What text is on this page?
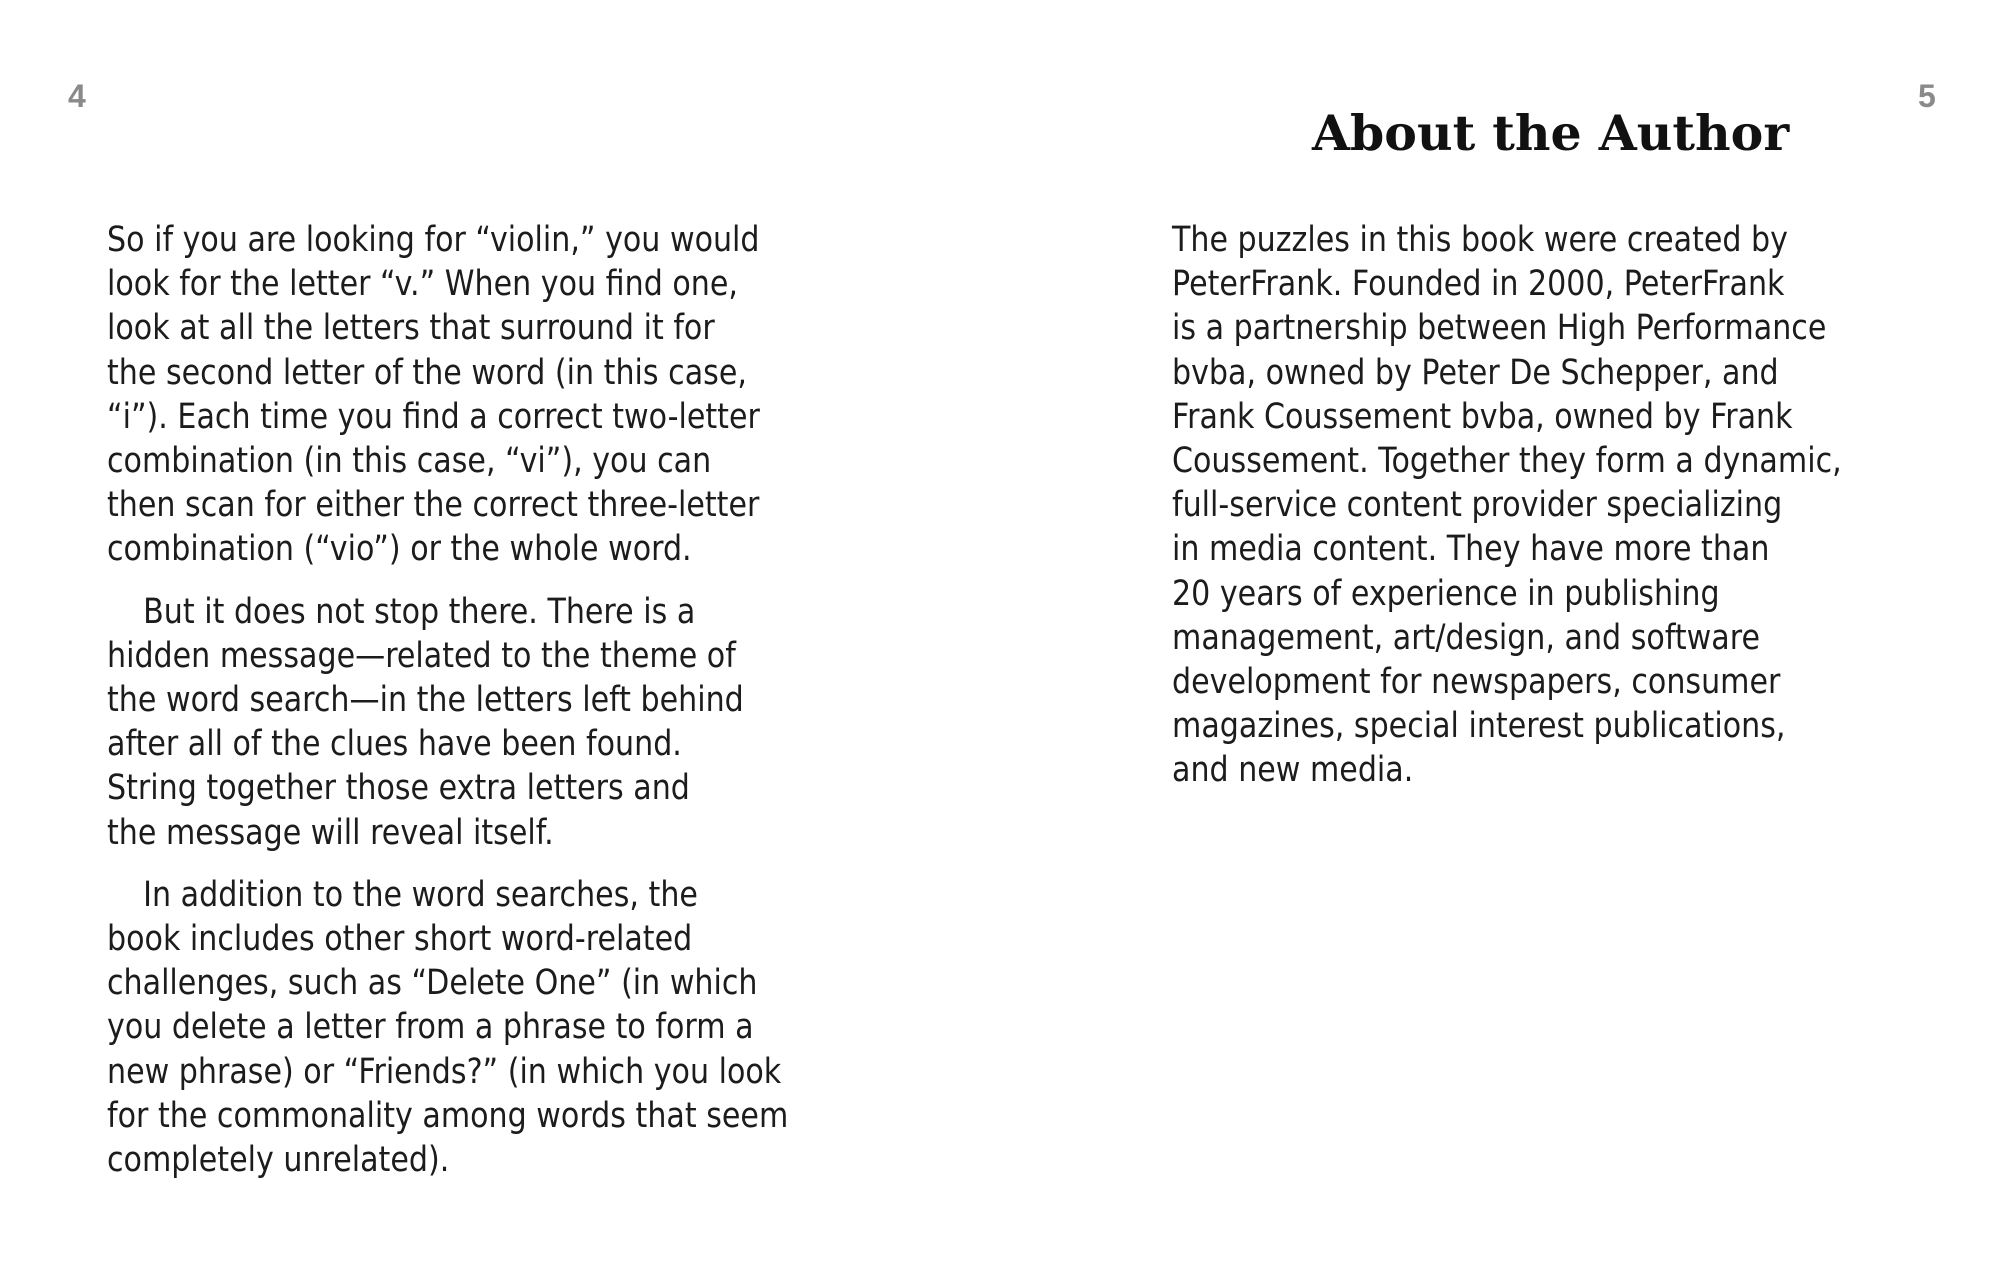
4

So if you are looking for “violin,” you would
look for the letter “v.” When you find one,
look at all the letters that surround it for
the second letter of the word (in this case,
“i”). Each time you find a correct two-letter
combination (in this case, “vi”), you can
then scan for either the correct three-letter
combination (“vio”) or the whole word.

But it does not stop there. There is a
hidden message—related to the theme of
the word search—in the letters left behind
after all of the clues have been found.
String together those extra letters and
the message will reveal itself.

In addition to the word searches, the
book includes other short word-related
challenges, such as “Delete One” (in which
you delete a letter from a phrase to form a
new phrase) or “Friends?” (in which you look
for the commonality among words that seem
completely unrelated).

5
About the Author

The puzzles in this book were created by
PeterFrank. Founded in 2000, PeterFrank
is a partnership between High Performance
bvba, owned by Peter De Schepper, and
Frank Coussement bvba, owned by Frank
Coussement. Together they form a dynamic,
full-service content provider specializing
in media content. They have more than
20 years of experience in publishing
management, art/design, and software
development for newspapers, consumer
magazines, special interest publications,
and new media.
